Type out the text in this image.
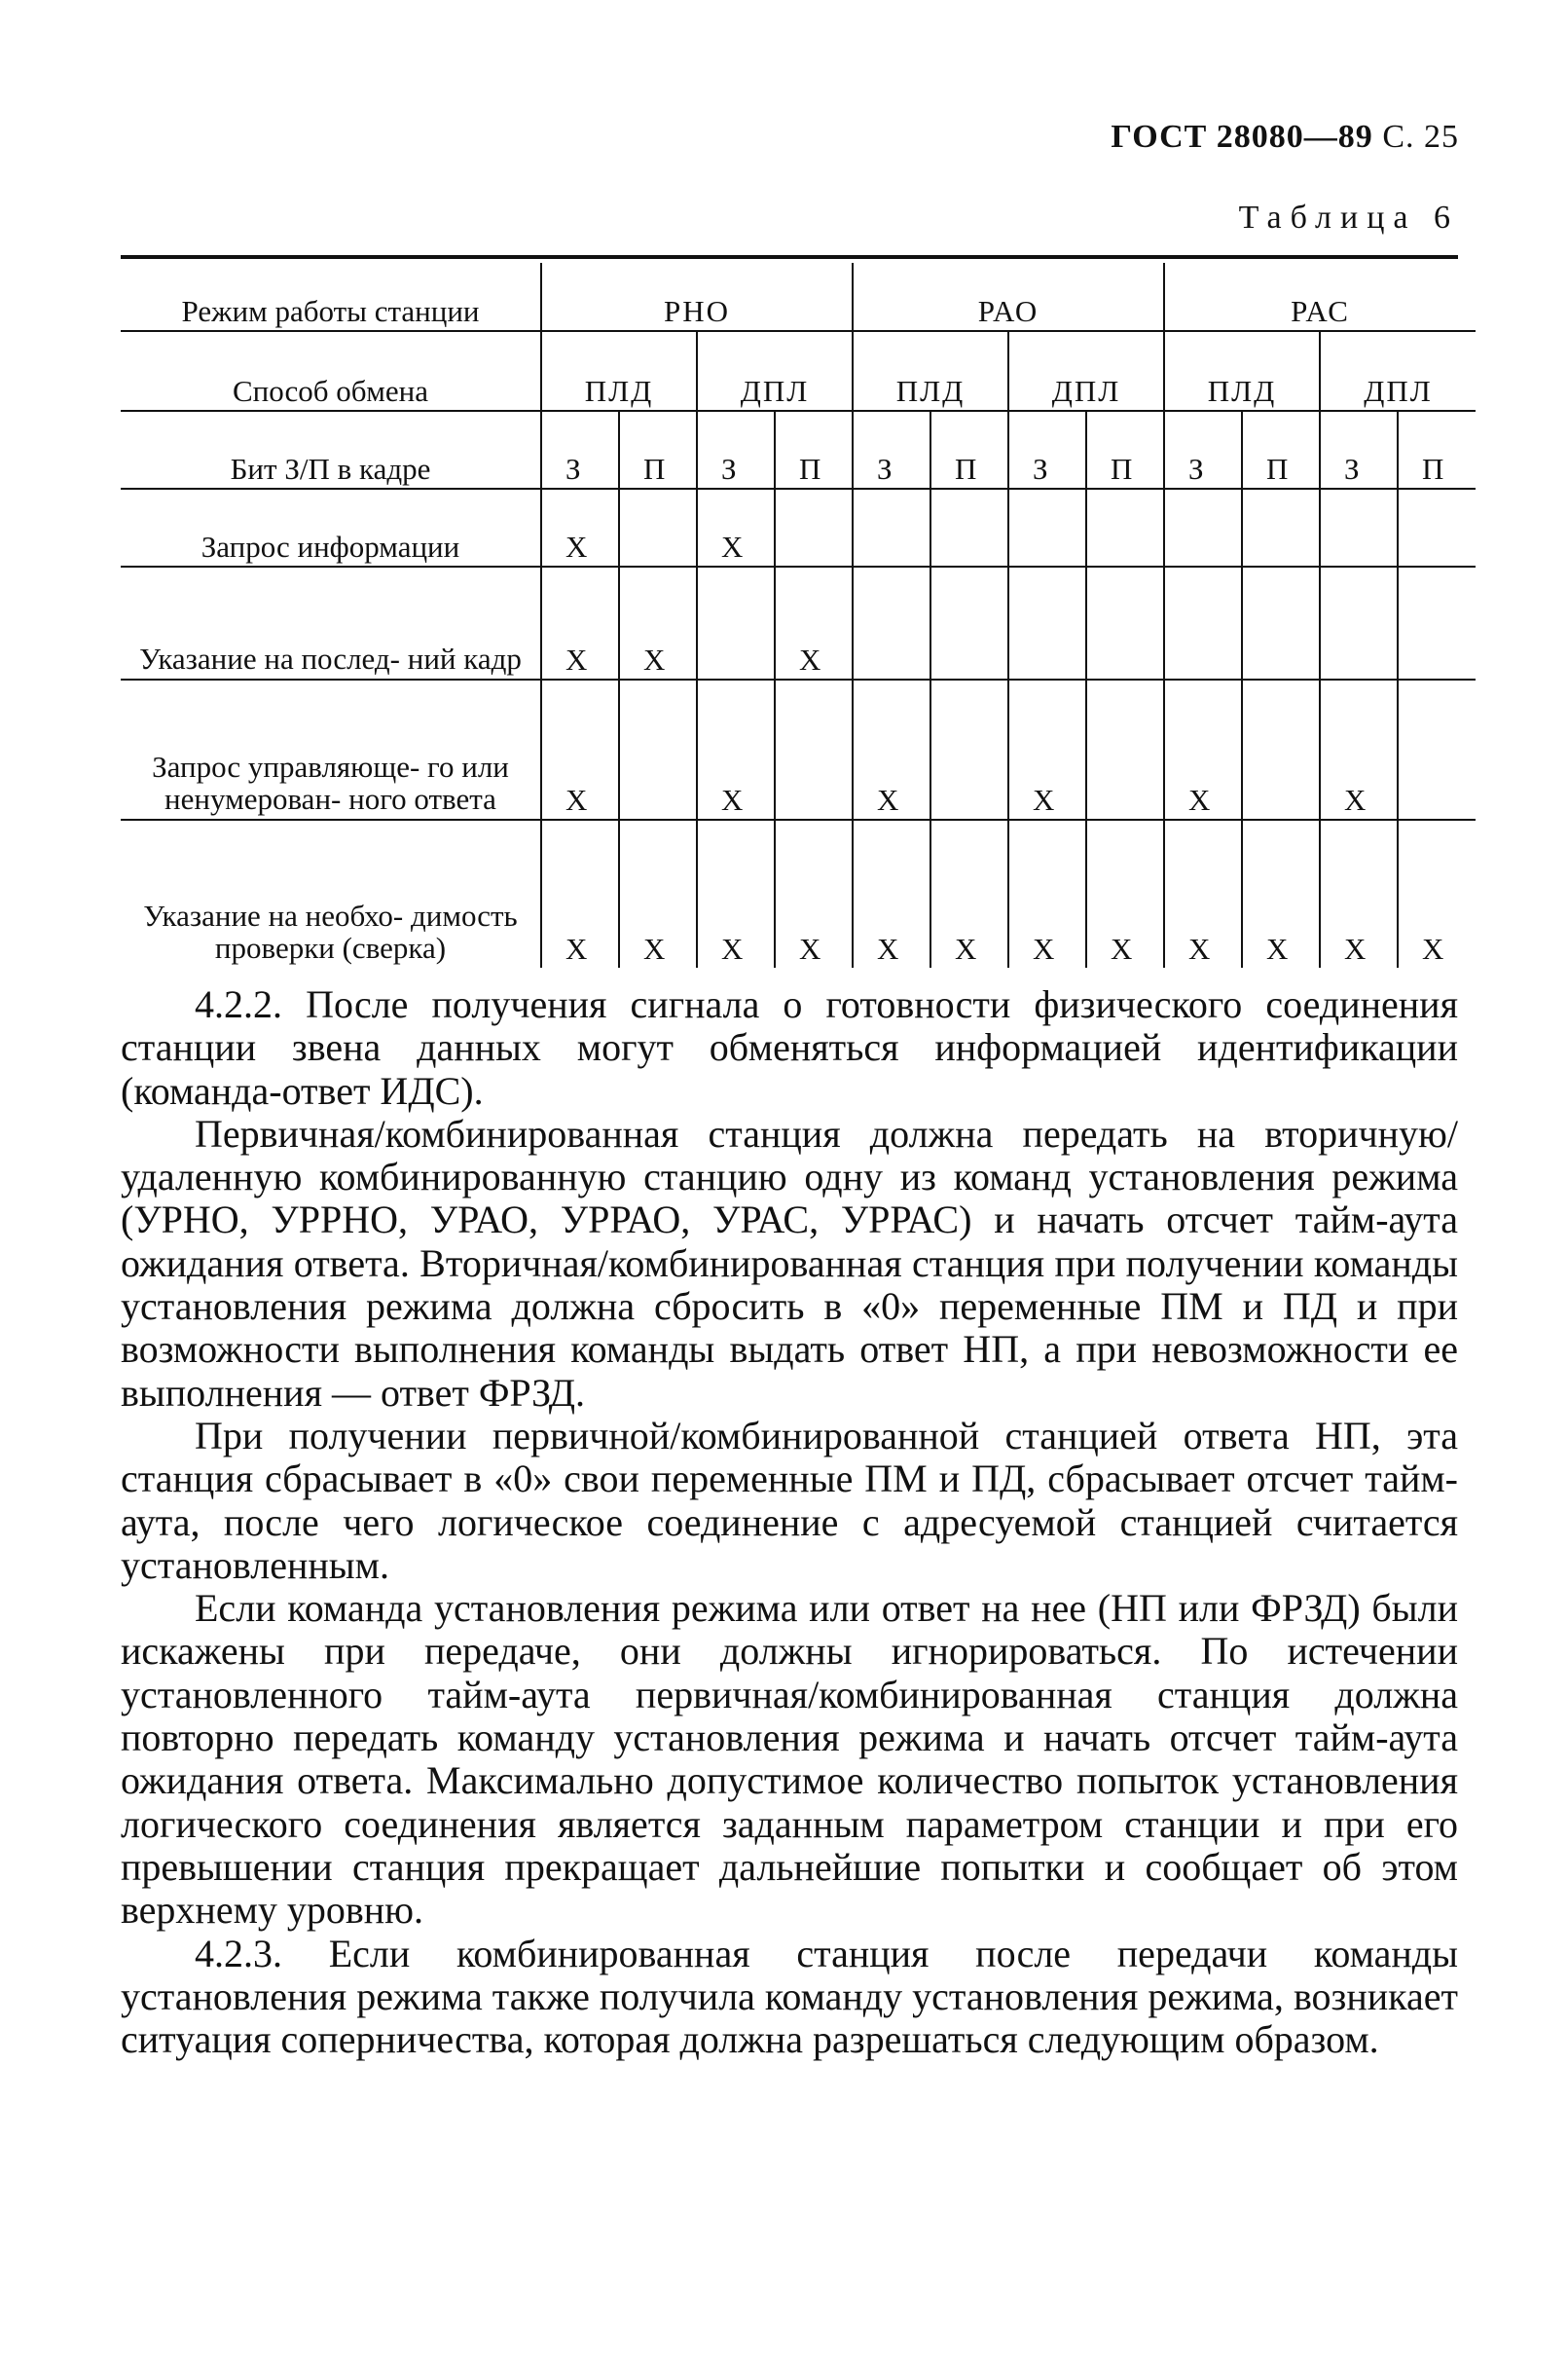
ГОСТ 28080—89 С. 25
Таблица 6
Режим работы станции	РНО				РАО				РАС			
Способ обмена	ПЛД		ДПЛ		ПЛД		ДПЛ		ПЛД		ДПЛ	
Бит З/П в кадре	З	П	З	П	З	П	З	П	З	П	З	П
Запрос информации	X		X									
Указание на послед- ний кадр	X	X		X								
Запрос управляюще- го или ненумерован- ного ответа	X		X		X		X		X		X	
Указание на необхо- димость проверки (сверка)	X	X	X	X	X	X	X	X	X	X	X	X

4.2.2. После получения сигнала о готовности физического соединения станции звена данных могут обменяться информацией идентификации (команда-ответ ИДС).

Первичная/комбинированная станция должна передать на вторичную/удаленную комбинированную станцию одну из команд установления режима (УРНО, УРРНО, УРАО, УРРАО, УРАС, УРРАС) и начать отсчет тайм-аута ожидания ответа. Вторичная/комбинированная станция при получении команды установления режима должна сбросить в «0» переменные ПМ и ПД и при возможности выполнения команды выдать ответ НП, а при невозможности ее выполнения — ответ ФРЗД.

При получении первичной/комбинированной станцией ответа НП, эта станция сбрасывает в «0» свои переменные ПМ и ПД, сбрасывает отсчет тайм-аута, после чего логическое соединение с адресуемой станцией считается установленным.

Если команда установления режима или ответ на нее (НП или ФРЗД) были искажены при передаче, они должны игнорироваться. По истечении установленного тайм-аута первичная/комбинированная станция должна повторно передать команду установления режима и начать отсчет тайм-аута ожидания ответа. Максимально допустимое количество попыток установления логического соединения является заданным параметром станции и при его превышении станция прекращает дальнейшие попытки и сообщает об этом верхнему уровню.

4.2.3. Если комбинированная станция после передачи команды установления режима также получила команду установления режима, возникает ситуация соперничества, которая должна разрешаться следующим образом.
